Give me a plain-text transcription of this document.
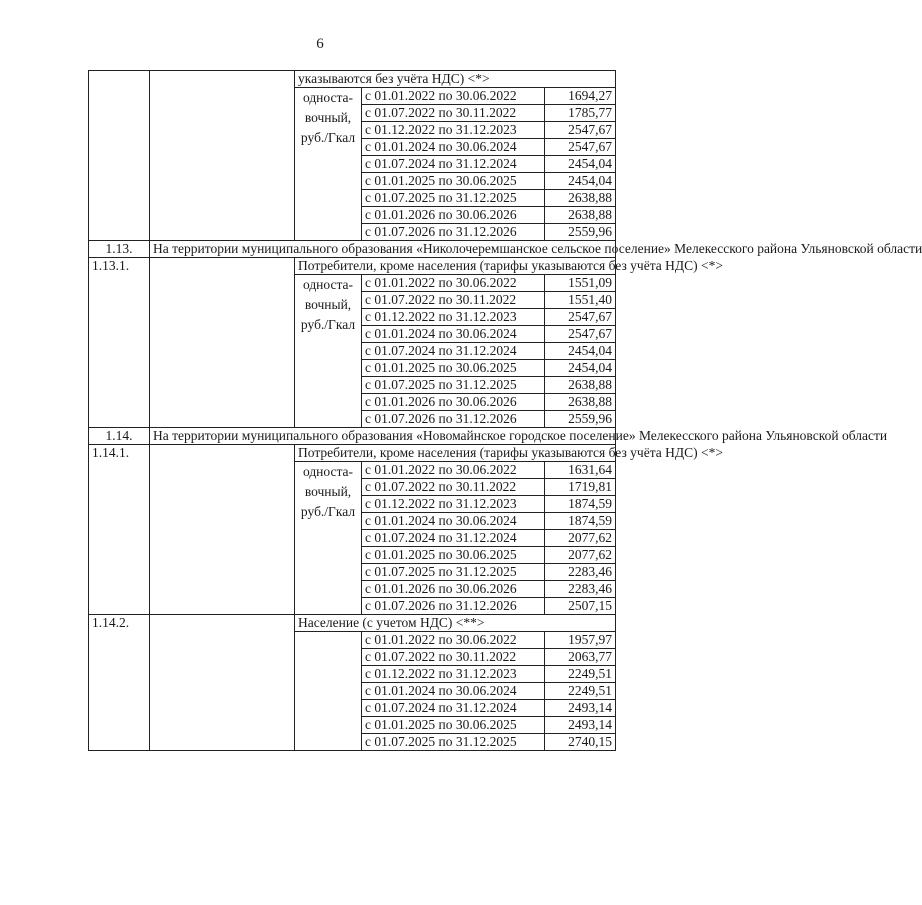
6
		указываются без учёта НДС) <*>		

		односта-
вочный,
руб./Гкал	с 01.01.2022 по 30.06.2022	1694,27
			с 01.07.2022 по 30.11.2022	1785,77
			с 01.12.2022 по 31.12.2023	2547,67
			с 01.01.2024 по 30.06.2024	2547,67
			с 01.07.2024 по 31.12.2024	2454,04
			с 01.01.2025 по 30.06.2025	2454,04
			с 01.07.2025 по 31.12.2025	2638,88
			с 01.01.2026 по 30.06.2026	2638,88
			с 01.07.2026 по 31.12.2026	2559,96
1.13.	На территории муниципального образования «Николочеремшанское сельское поселение» Мелекесского района Ульяновской области			
1.13.1.		Потребители, кроме населения (тарифы указываются без учёта НДС) <*>		

		односта-
вочный,
руб./Гкал	с 01.01.2022 по 30.06.2022	1551,09
			с 01.07.2022 по 30.11.2022	1551,40
			с 01.12.2022 по 31.12.2023	2547,67
			с 01.01.2024 по 30.06.2024	2547,67
			с 01.07.2024 по 31.12.2024	2454,04
			с 01.01.2025 по 30.06.2025	2454,04
			с 01.07.2025 по 31.12.2025	2638,88
			с 01.01.2026 по 30.06.2026	2638,88
			с 01.07.2026 по 31.12.2026	2559,96
1.14.	На территории муниципального образования «Новомайнское городское поселение» Мелекесского района Ульяновской области			
1.14.1.		Потребители, кроме населения (тарифы указываются без учёта НДС) <*>		

		односта-
вочный,
руб./Гкал	с 01.01.2022 по 30.06.2022	1631,64
			с 01.07.2022 по 30.11.2022	1719,81
			с 01.12.2022 по 31.12.2023	1874,59
			с 01.01.2024 по 30.06.2024	1874,59
			с 01.07.2024 по 31.12.2024	2077,62
			с 01.01.2025 по 30.06.2025	2077,62
			с 01.07.2025 по 31.12.2025	2283,46
			с 01.01.2026 по 30.06.2026	2283,46
			с 01.07.2026 по 31.12.2026	2507,15
1.14.2.		Население (с учетом НДС) <**>		
			с 01.01.2022 по 30.06.2022	1957,97
			с 01.07.2022 по 30.11.2022	2063,77
			с 01.12.2022 по 31.12.2023	2249,51
			с 01.01.2024 по 30.06.2024	2249,51
			с 01.07.2024 по 31.12.2024	2493,14
			с 01.01.2025 по 30.06.2025	2493,14
			с 01.07.2025 по 31.12.2025	2740,15
